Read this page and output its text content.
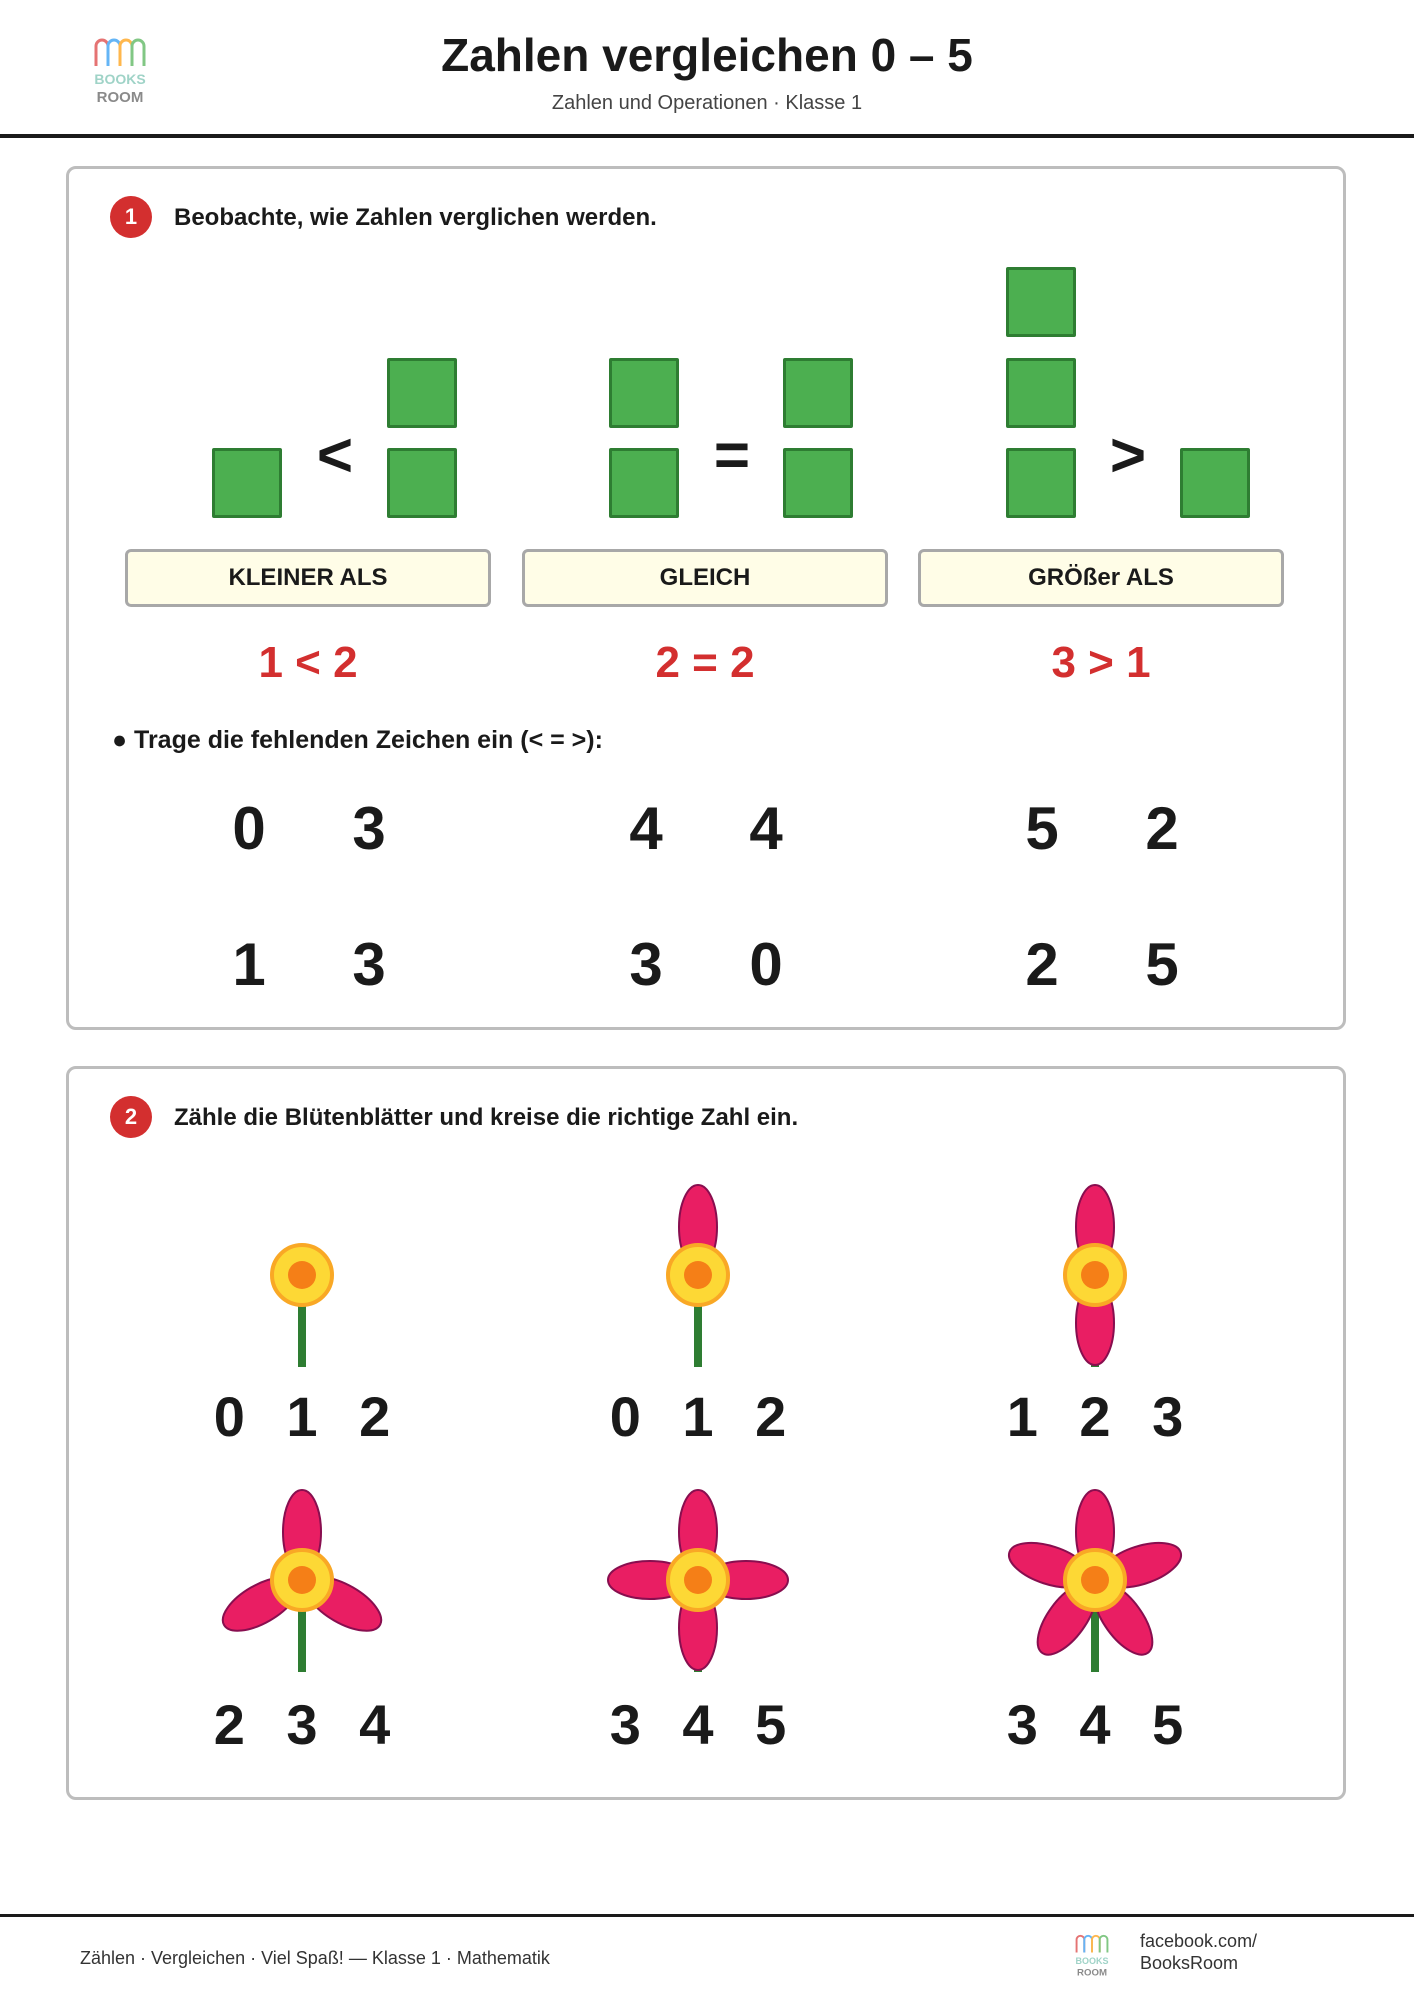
BOOKS
ROOM
Zahlen vergleichen 0 – 5
Zahlen und Operationen · Klasse 1
1	Beobachte, wie Zahlen verglichen werden.
<	=	>
KLEINER ALS	GLEICH	GRÖßer ALS
1 < 2	2 = 2	3 > 1
● Trage die fehlenden Zeichen ein (< = >):
0	3	4	4	5	2
1	3	3	0	2	5
2	Zähle die Blütenblätter und kreise die richtige Zahl ein.
0 1 2	0 1 2	1 2 3
2 3 4	3 4 5	3 4 5
Zählen · Vergleichen · Viel Spaß! — Klasse 1 · Mathematik	BOOKS
ROOM
facebook.com/
BooksRoom
